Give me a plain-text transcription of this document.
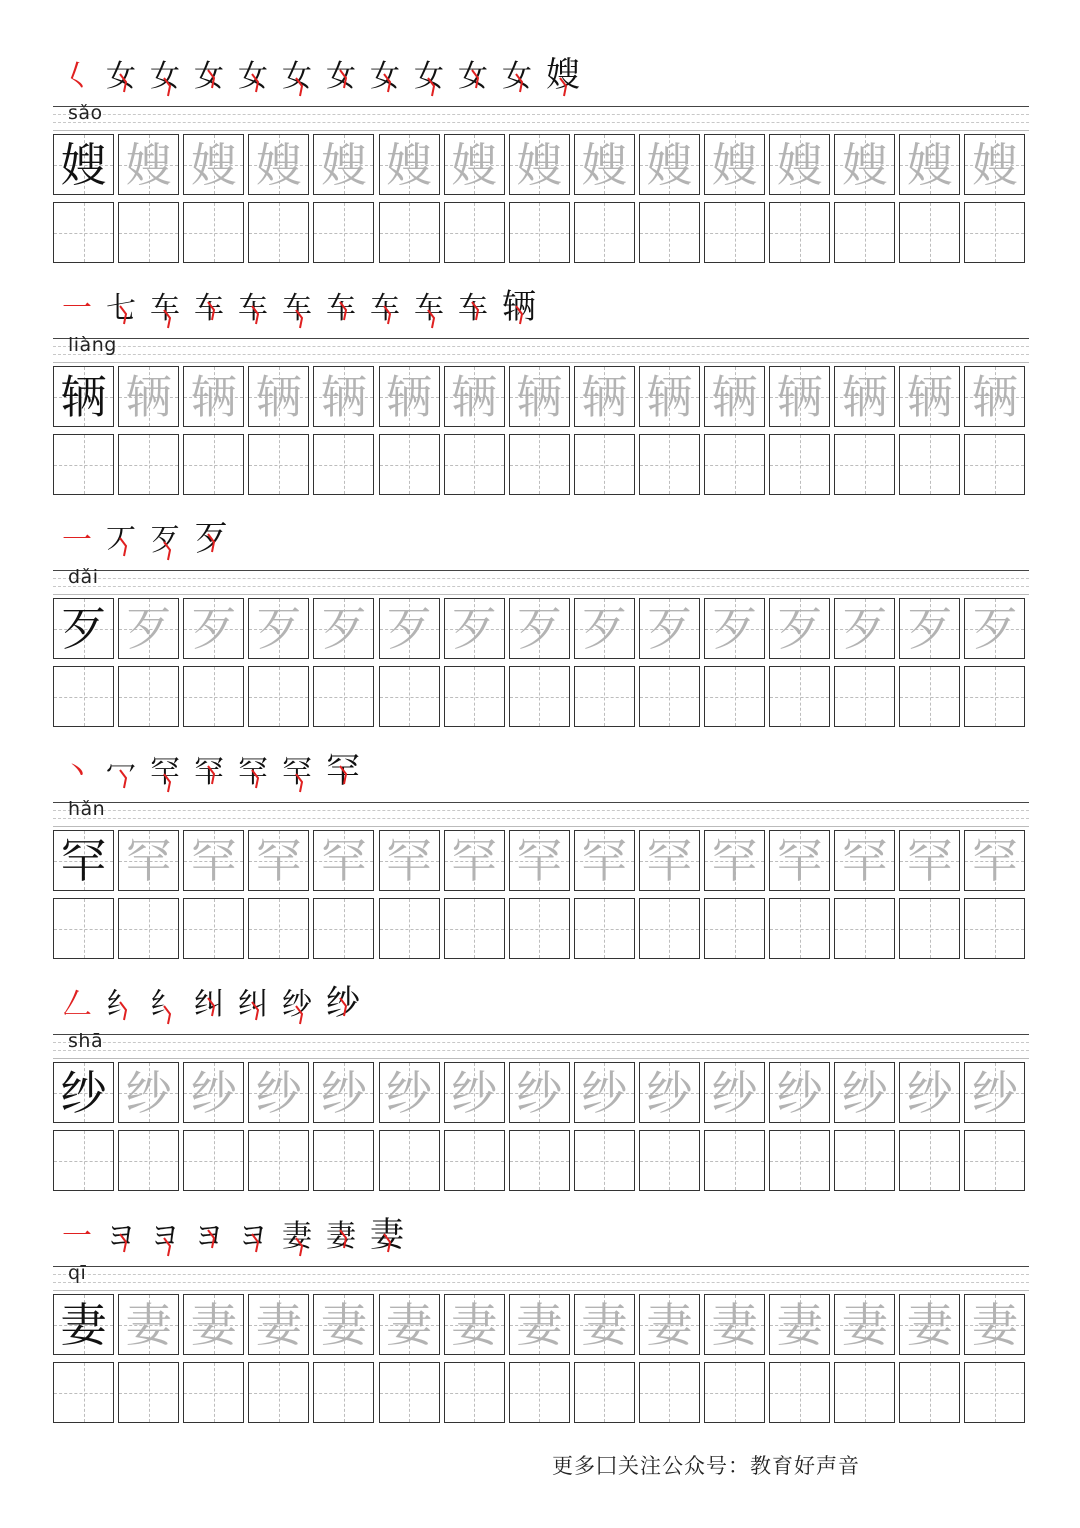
𡿨 女 女 女 女 女 女 女 女 女 女 嫂
sǎo
嫂 嫂 嫂 嫂 嫂 嫂 嫂 嫂 嫂 嫂 嫂 嫂 嫂 嫂 嫂
一 七 车 车 车 车 车 车 车 车 辆
liàng
辆 辆 辆 辆 辆 辆 辆 辆 辆 辆 辆 辆 辆 辆 辆
一 丆 歹 歹
dǎi
歹 歹 歹 歹 歹 歹 歹 歹 歹 歹 歹 歹 歹 歹 歹
丶 冖 罕 罕 罕 罕 罕
hǎn
罕 罕 罕 罕 罕 罕 罕 罕 罕 罕 罕 罕 罕 罕 罕
𠃋 纟 纟 纠 纠 纱 纱
shā
纱 纱 纱 纱 纱 纱 纱 纱 纱 纱 纱 纱 纱 纱 纱
一 ヨ ヨ ヨ ヨ 妻 妻 妻
qī
妻 妻 妻 妻 妻 妻 妻 妻 妻 妻 妻 妻 妻 妻 妻
更多囗关注公众号：教育好声音
